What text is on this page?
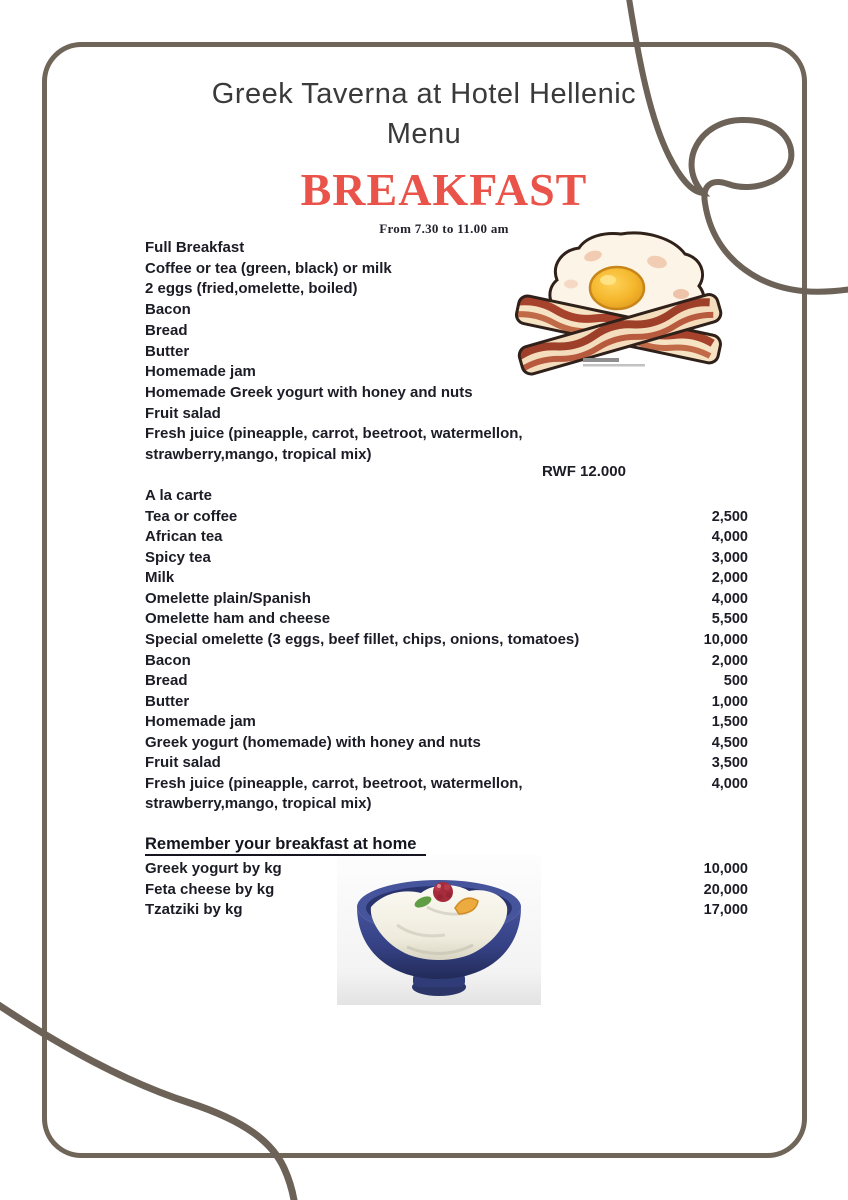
Greek Taverna at Hotel Hellenic
Menu
BREAKFAST
From 7.30 to 11.00 am
Full Breakfast
Coffee or tea (green, black) or milk
2 eggs (fried,omelette, boiled)
Bacon
Bread
Butter
Homemade jam
Homemade Greek yogurt with honey and nuts
Fruit salad
Fresh juice (pineapple, carrot, beetroot, watermellon,
strawberry,mango, tropical mix)
RWF 12.000
A la carte
Tea or coffee	2,500
African tea	4,000
Spicy tea	3,000
Milk	2,000
Omelette plain/Spanish	4,000
Omelette ham and cheese	5,500
Special omelette (3 eggs, beef fillet, chips, onions, tomatoes)	10,000
Bacon	2,000
Bread	500
Butter	1,000
Homemade jam	1,500
Greek yogurt (homemade) with honey and nuts	4,500
Fruit salad	3,500
Fresh juice (pineapple, carrot, beetroot, watermellon,	4,000
strawberry,mango, tropical mix)
Remember your breakfast at home
Greek yogurt by kg	10,000
Feta cheese by kg	20,000
Tzatziki by kg	17,000
